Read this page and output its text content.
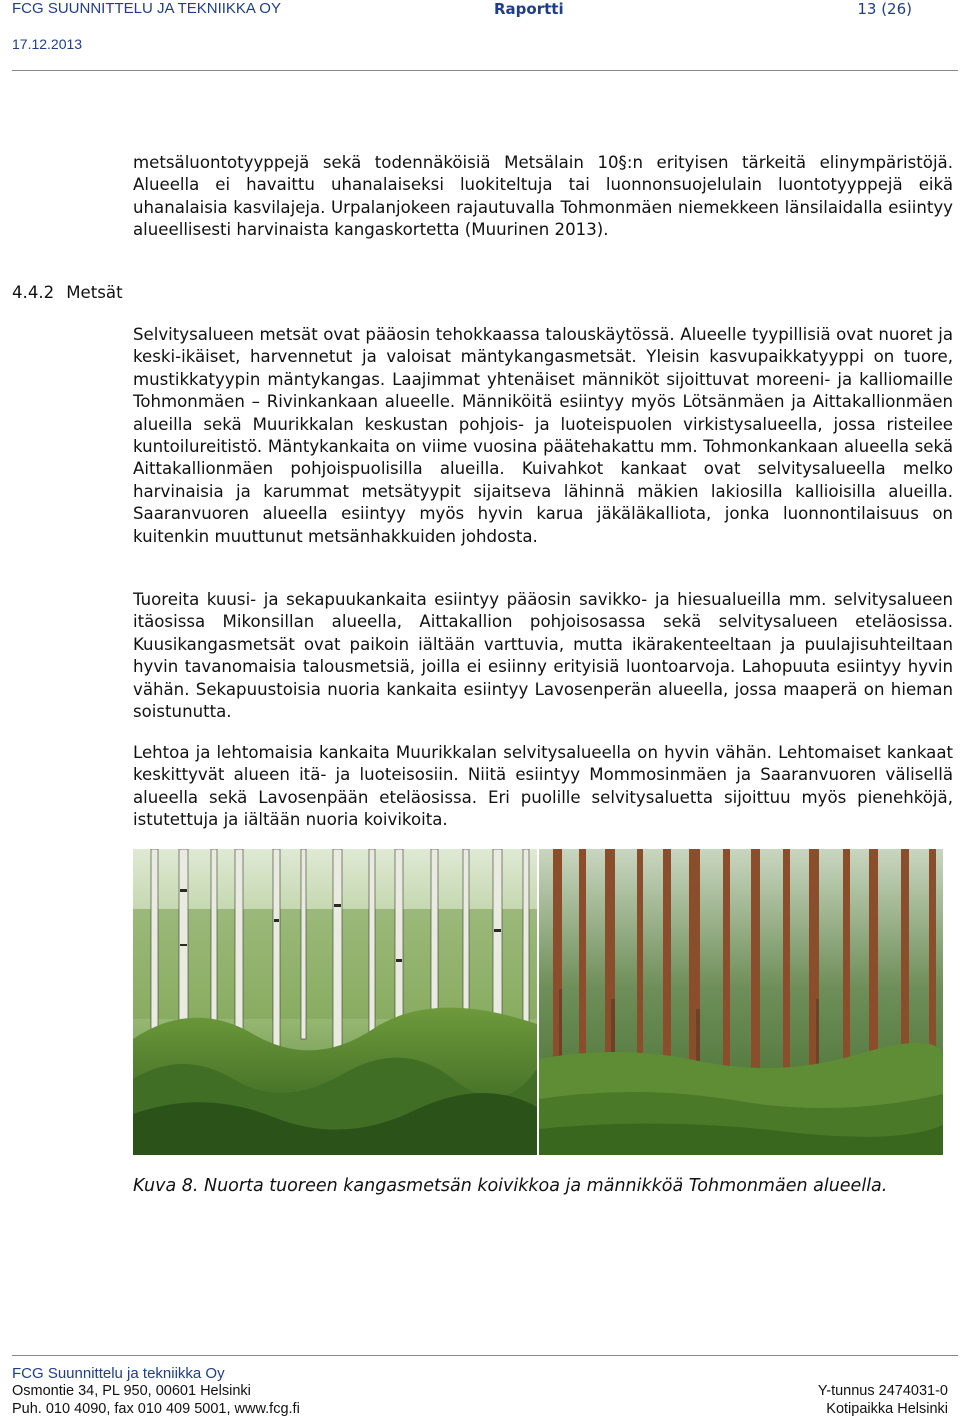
FCG SUUNNITTELU JA TEKNIIKKA OY	Raportti	13 (26)
17.12.2013
metsäluontotyyppejä sekä todennäköisiä Metsälain 10§:n erityisen tärkeitä elinympäristöjä. Alueella ei havaittu uhanalaiseksi luokiteltuja tai luonnonsuojelulain luontotyyppejä eikä uhanalaisia kasvilajeja. Urpalanjokeen rajautuvalla Tohmonmäen niemekkeen länsilaidalla esiintyy alueellisesti harvinaista kangaskortetta (Muurinen 2013).
4.4.2 Metsät
Selvitysalueen metsät ovat pääosin tehokkaassa talouskäytössä. Alueelle tyypillisiä ovat nuoret ja keski-ikäiset, harvennetut ja valoisat mäntykangasmetsät. Yleisin kasvupaikkatyyppi on tuore, mustikkatyypin mäntykangas. Laajimmat yhtenäiset männiköt sijoittuvat moreeni- ja kalliomaille Tohmonmäen – Rivinkankaan alueelle. Männiköitä esiintyy myös Lötsänmäen ja Aittakallionmäen alueilla sekä Muurikkalan keskustan pohjois- ja luoteispuolen virkistysalueella, jossa risteilee kuntoilureitistö. Mäntykankaita on viime vuosina päätehakattu mm. Tohmonkankaan alueella sekä Aittakallionmäen pohjoispuolisilla alueilla. Kuivahkot kankaat ovat selvitysalueella melko harvinaisia ja karummat metsätyypit sijaitseva lähinnä mäkien lakiosilla kallioisilla alueilla. Saaranvuoren alueella esiintyy myös hyvin karua jäkäläkalliota, jonka luonnontilaisuus on kuitenkin muuttunut metsänhakkuiden johdosta.
Tuoreita kuusi- ja sekapuukankaita esiintyy pääosin savikko- ja hiesualueilla mm. selvitysalueen itäosissa Mikonsillan alueella, Aittakallion pohjoisosassa sekä selvitysalueen eteläosissa. Kuusikangasmetsät ovat paikoin iältään varttuvia, mutta ikärakenteeltaan ja puulajisuhteiltaan hyvin tavanomaisia talousmetsiä, joilla ei esiinny erityisiä luontoarvoja. Lahopuuta esiintyy hyvin vähän. Sekapuustoisia nuoria kankaita esiintyy Lavosenperän alueella, jossa maaperä on hieman soistunutta.
Lehtoa ja lehtomaisia kankaita Muurikkalan selvitysalueella on hyvin vähän. Lehtomaiset kankaat keskittyvät alueen itä- ja luoteisosiin. Niitä esiintyy Mommosinmäen ja Saaranvuoren välisellä alueella sekä Lavosenpään eteläosissa. Eri puolille selvitysaluetta sijoittuu myös pienehköjä, istutettuja ja iältään nuoria koivikoita.
Kuva 8. Nuorta tuoreen kangasmetsän koivikkoa ja männikköä Tohmonmäen alueella.
FCG Suunnittelu ja tekniikka Oy
Osmontie 34, PL 950, 00601 Helsinki
Puh. 010 4090, fax 010 409 5001, www.fcg.fi
Y-tunnus 2474031-0
Kotipaikka Helsinki
